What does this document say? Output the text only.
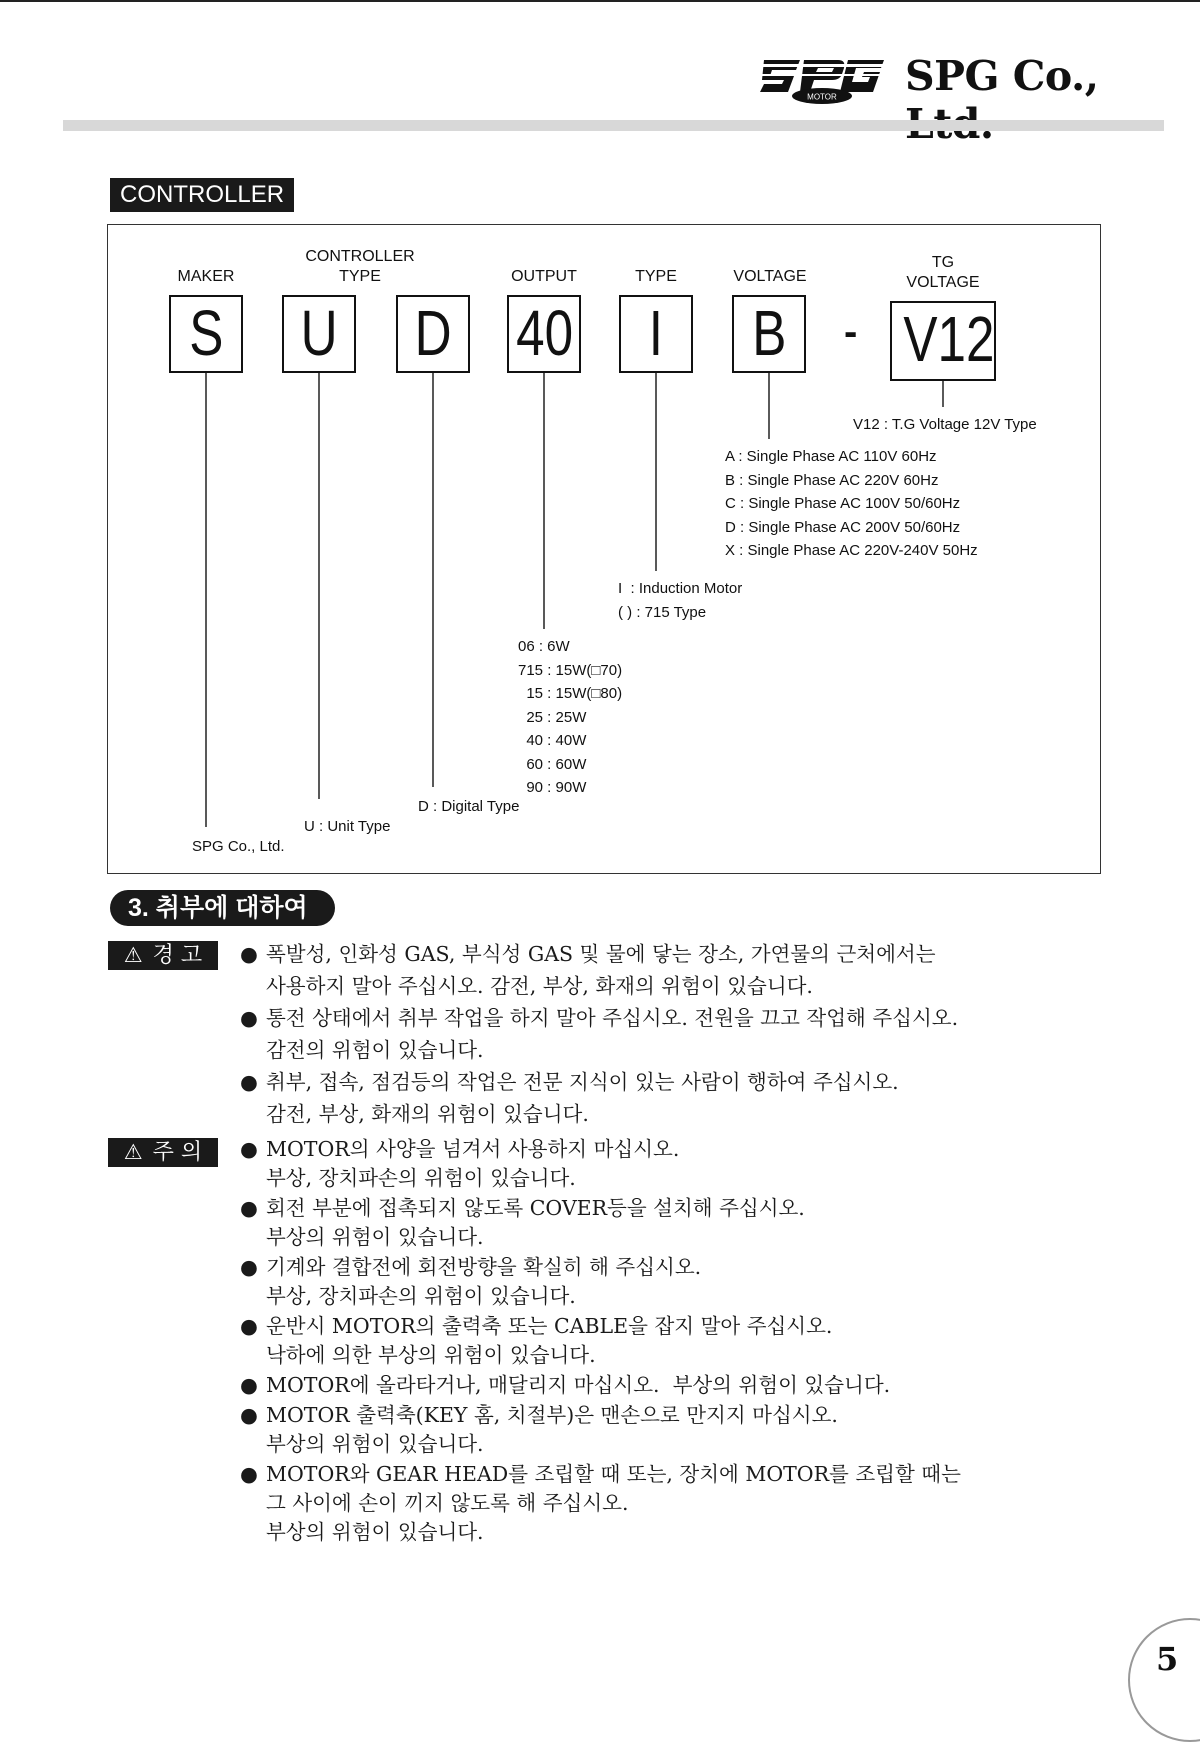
MOTOR SPG Co.,
CONTROLLER
MAKER
CONTROLLER
TYPE	OUTPUT	TYPE	VOLTAGE
TG
VOLTAGE
S	U D 40	I	B	- V12
V12 : T.G Voltage 12V Type
A : Single Phase AC 110V 60Hz
B : Single Phase AC 220V 60Hz
C : Single Phase AC 100V 50/60Hz
D : Single Phase AC 200V 50/60Hz
X : Single Phase AC 220V-240V 50Hz
I  : Induction Motor
( ) : 715 Type
06 : 6W
715 : 15W(□70)
15 : 15W(□80)
25 : 25W
40 : 40W
60 : 60W
90 : 90W
D : Digital Type
U : Unit Type
SPG Co., Ltd.
3. 취부에 대하여
⚠ 경 고	● 폭발성, 인화성 GAS, 부식성 GAS 및 물에 닿는 장소, 가연물의 근처에서는
사용하지 말아 주십시오. 감전, 부상, 화재의 위험이 있습니다.
● 통전 상태에서 취부 작업을 하지 말아 주십시오. 전원을 끄고 작업해 주십시오.
감전의 위험이 있습니다.
● 취부, 접속, 점검등의 작업은 전문 지식이 있는 사람이 행하여 주십시오.
감전, 부상, 화재의 위험이 있습니다.
⚠ 주 의	● MOTOR의 사양을 넘겨서 사용하지 마십시오.
부상, 장치파손의 위험이 있습니다.
● 회전 부분에 접촉되지 않도록 COVER등을 설치해 주십시오.
부상의 위험이 있습니다.
● 기계와 결합전에 회전방향을 확실히 해 주십시오.
부상, 장치파손의 위험이 있습니다.
● 운반시 MOTOR의 출력축 또는 CABLE을 잡지 말아 주십시오.
낙하에 의한 부상의 위험이 있습니다.
● MOTOR에 올라타거나, 매달리지 마십시오.  부상의 위험이 있습니다.
● MOTOR 출력축(KEY 홈, 치절부)은 맨손으로 만지지 마십시오.
부상의 위험이 있습니다.
● MOTOR와 GEAR HEAD를 조립할 때 또는, 장치에 MOTOR를 조립할 때는
그 사이에 손이 끼지 않도록 해 주십시오.
부상의 위험이 있습니다.
5
